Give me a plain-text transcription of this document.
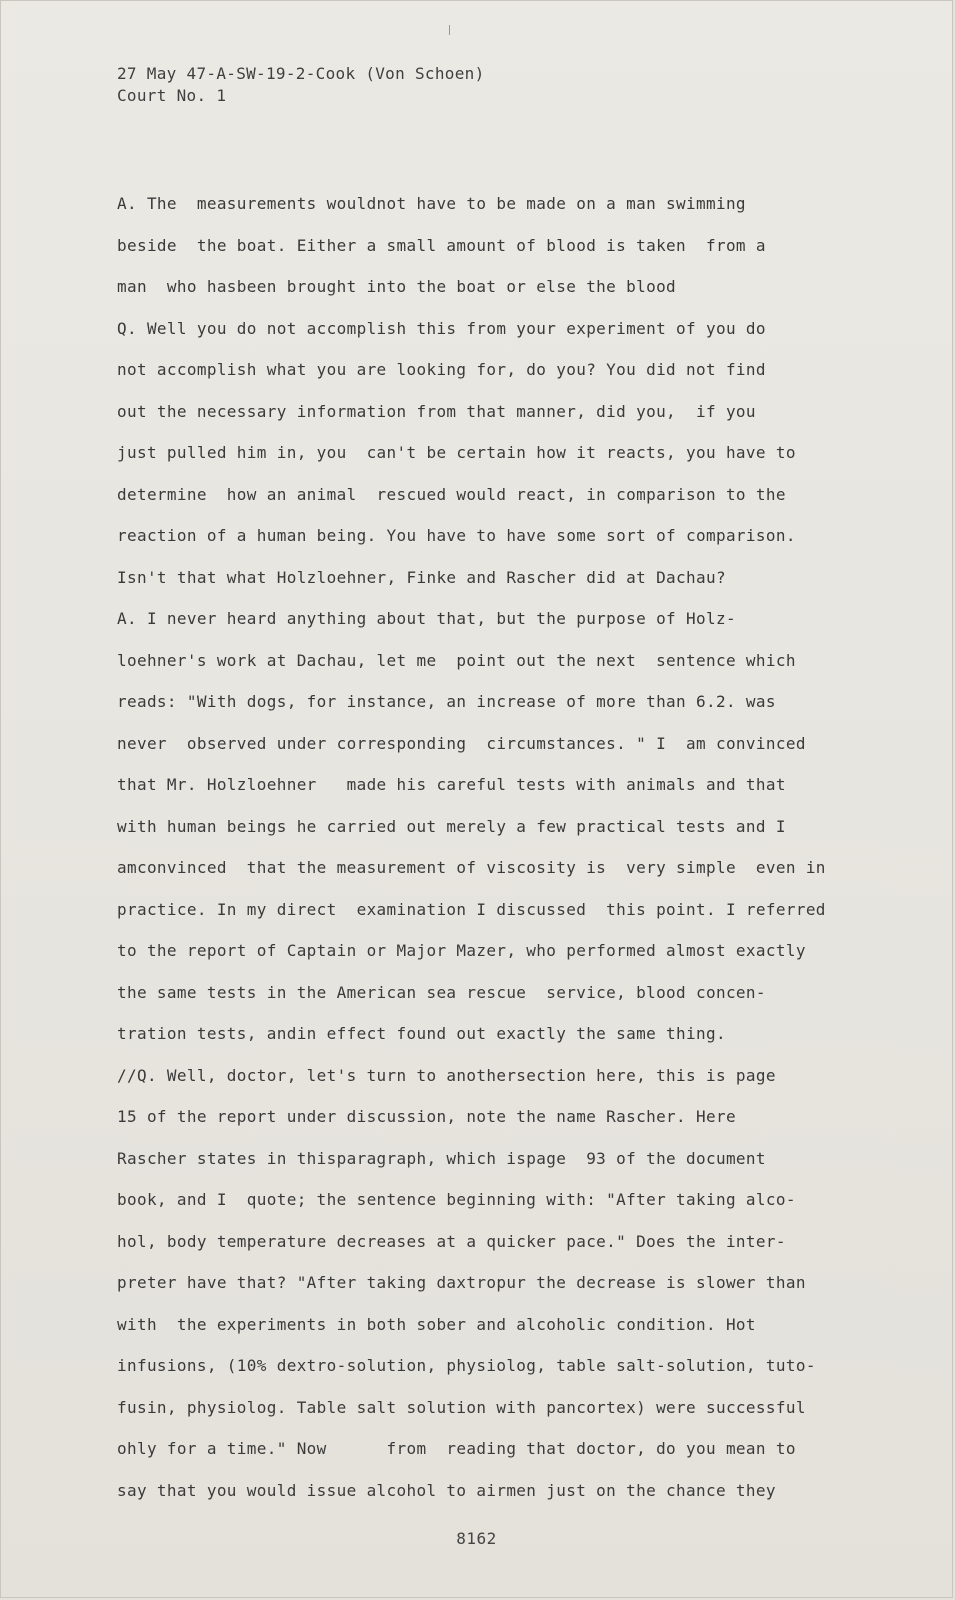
27 May 47-A-SW-19-2-Cook (Von Schoen)
Court No. 1
A. The  measurements wouldnot have to be made on a man swimming
beside  the boat. Either a small amount of blood is taken  from a
man  who hasbeen brought into the boat or else the blood
Q. Well you do not accomplish this from your experiment of you do
not accomplish what you are looking for, do you? You did not find
out the necessary information from that manner, did you,  if you
just pulled him in, you  can't be certain how it reacts, you have to
determine  how an animal  rescued would react, in comparison to the
reaction of a human being. You have to have some sort of comparison.
Isn't that what Holzloehner, Finke and Rascher did at Dachau?
A. I never heard anything about that, but the purpose of Holz-
loehner's work at Dachau, let me  point out the next  sentence which
reads: "With dogs, for instance, an increase of more than 6.2. was
never  observed under corresponding  circumstances. " I  am convinced
that Mr. Holzloehner   made his careful tests with animals and that
with human beings he carried out merely a few practical tests and I
amconvinced  that the measurement of viscosity is  very simple  even in
practice. In my direct  examination I discussed  this point. I referred
to the report of Captain or Major Mazer, who performed almost exactly
the same tests in the American sea rescue  service, blood concen-
tration tests, andin effect found out exactly the same thing.
//Q. Well, doctor, let's turn to anothersection here, this is page
15 of the report under discussion, note the name Rascher. Here
Rascher states in thisparagraph, which ispage  93 of the document
book, and I  quote; the sentence beginning with: "After taking alco-
hol, body temperature decreases at a quicker pace." Does the inter-
preter have that? "After taking daxtropur the decrease is slower than
with  the experiments in both sober and alcoholic condition. Hot
infusions, (10% dextro-solution, physiolog, table salt-solution, tuto-
fusin, physiolog. Table salt solution with pancortex) were successful
ohly for a time." Now      from  reading that doctor, do you mean to
say that you would issue alcohol to airmen just on the chance they
8162
